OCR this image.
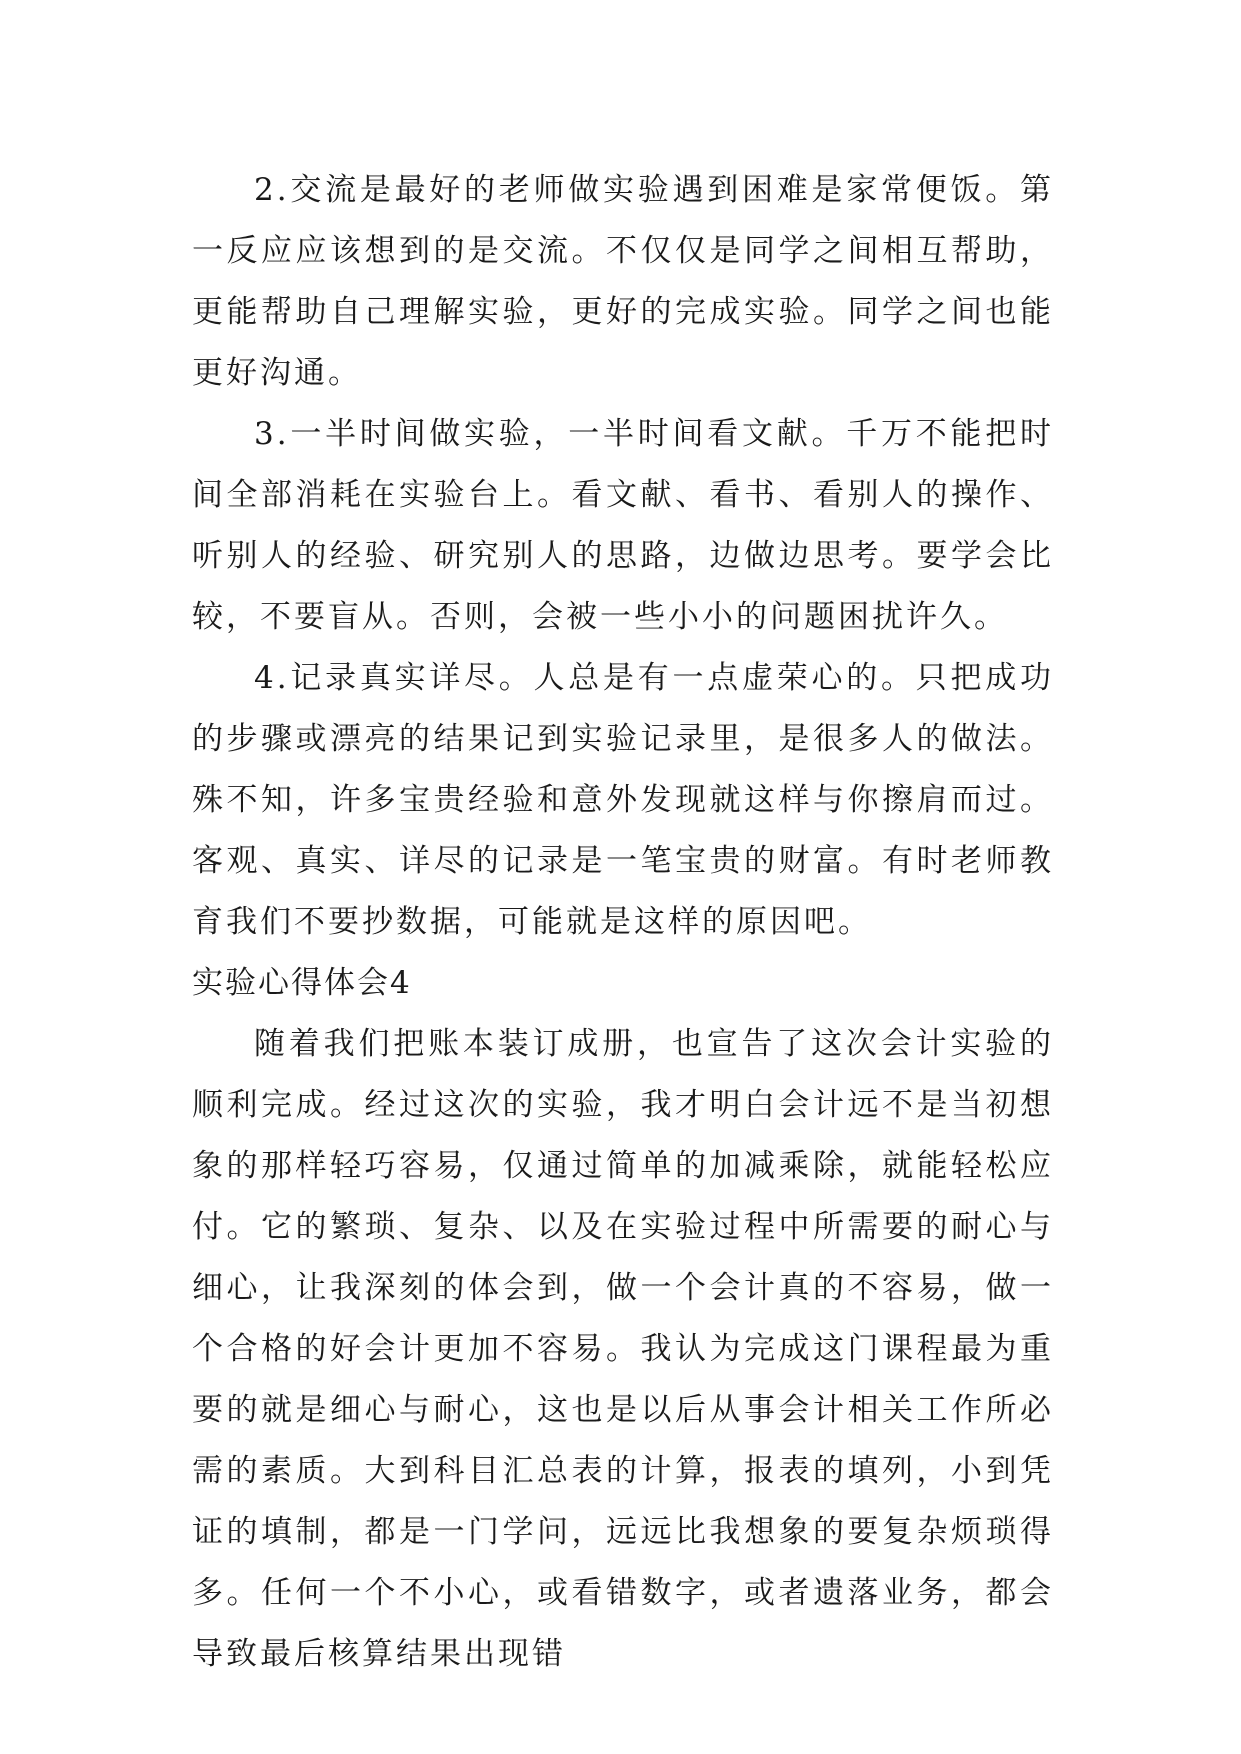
2.交流是最好的老师做实验遇到困难是家常便饭。第一反应应该想到的是交流。不仅仅是同学之间相互帮助，更能帮助自己理解实验，更好的完成实验。同学之间也能更好沟通。

3.一半时间做实验，一半时间看文献。千万不能把时间全部消耗在实验台上。看文献、看书、看别人的操作、听别人的经验、研究别人的思路，边做边思考。要学会比较，不要盲从。否则，会被一些小小的问题困扰许久。

4.记录真实详尽。人总是有一点虚荣心的。只把成功的步骤或漂亮的结果记到实验记录里，是很多人的做法。殊不知，许多宝贵经验和意外发现就这样与你擦肩而过。客观、真实、详尽的记录是一笔宝贵的财富。有时老师教育我们不要抄数据，可能就是这样的原因吧。

实验心得体会4

随着我们把账本装订成册，也宣告了这次会计实验的顺利完成。经过这次的实验，我才明白会计远不是当初想象的那样轻巧容易，仅通过简单的加减乘除，就能轻松应付。它的繁琐、复杂、以及在实验过程中所需要的耐心与细心，让我深刻的体会到，做一个会计真的不容易，做一个合格的好会计更加不容易。我认为完成这门课程最为重要的就是细心与耐心，这也是以后从事会计相关工作所必需的素质。大到科目汇总表的计算，报表的填列，小到凭证的填制，都是一门学问，远远比我想象的要复杂烦琐得多。任何一个不小心，或看错数字，或者遗落业务，都会导致最后核算结果出现错
